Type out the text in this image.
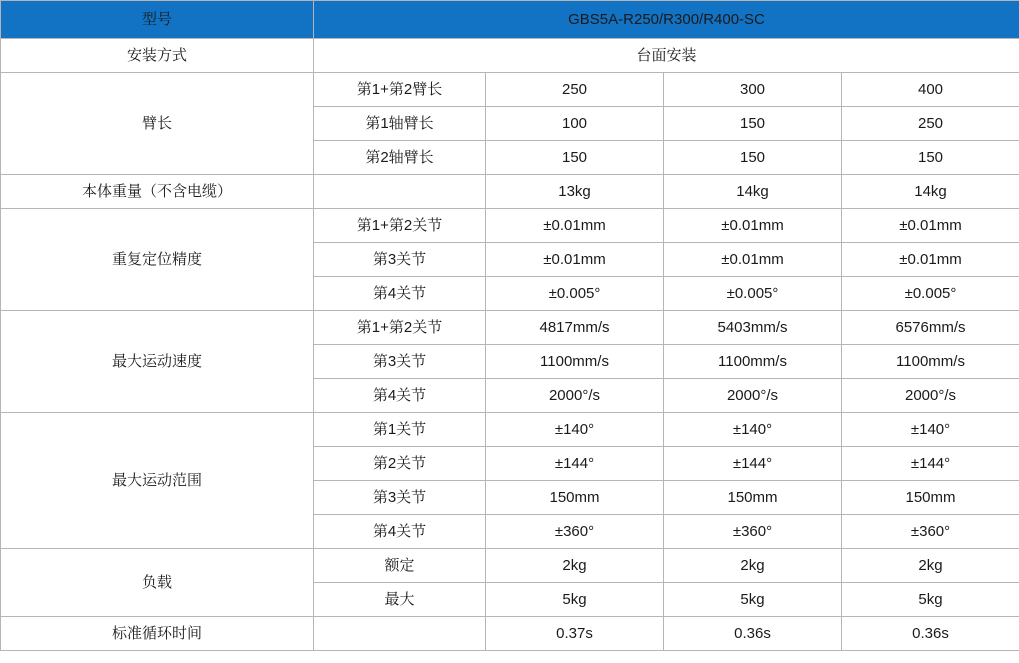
型号	GBS5A-R250/R300/R400-SC			
安装方式	台面安装			
臂长	第1+第2臂长	250	300	400
	第1轴臂长	100	150	250
	第2轴臂长	150	150	150
本体重量（不含电缆）		13kg	14kg	14kg
重复定位精度	第1+第2关节	±0.01mm	±0.01mm	±0.01mm
	第3关节	±0.01mm	±0.01mm	±0.01mm
	第4关节	±0.005°	±0.005°	±0.005°
最大运动速度	第1+第2关节	4817mm/s	5403mm/s	6576mm/s
	第3关节	1100mm/s	1100mm/s	1100mm/s
	第4关节	2000°/s	2000°/s	2000°/s
最大运动范围	第1关节	±140°	±140°	±140°
	第2关节	±144°	±144°	±144°
	第3关节	150mm	150mm	150mm
	第4关节	±360°	±360°	±360°
负载	额定	2kg	2kg	2kg
	最大	5kg	5kg	5kg
标准循环时间		0.37s	0.36s	0.36s
